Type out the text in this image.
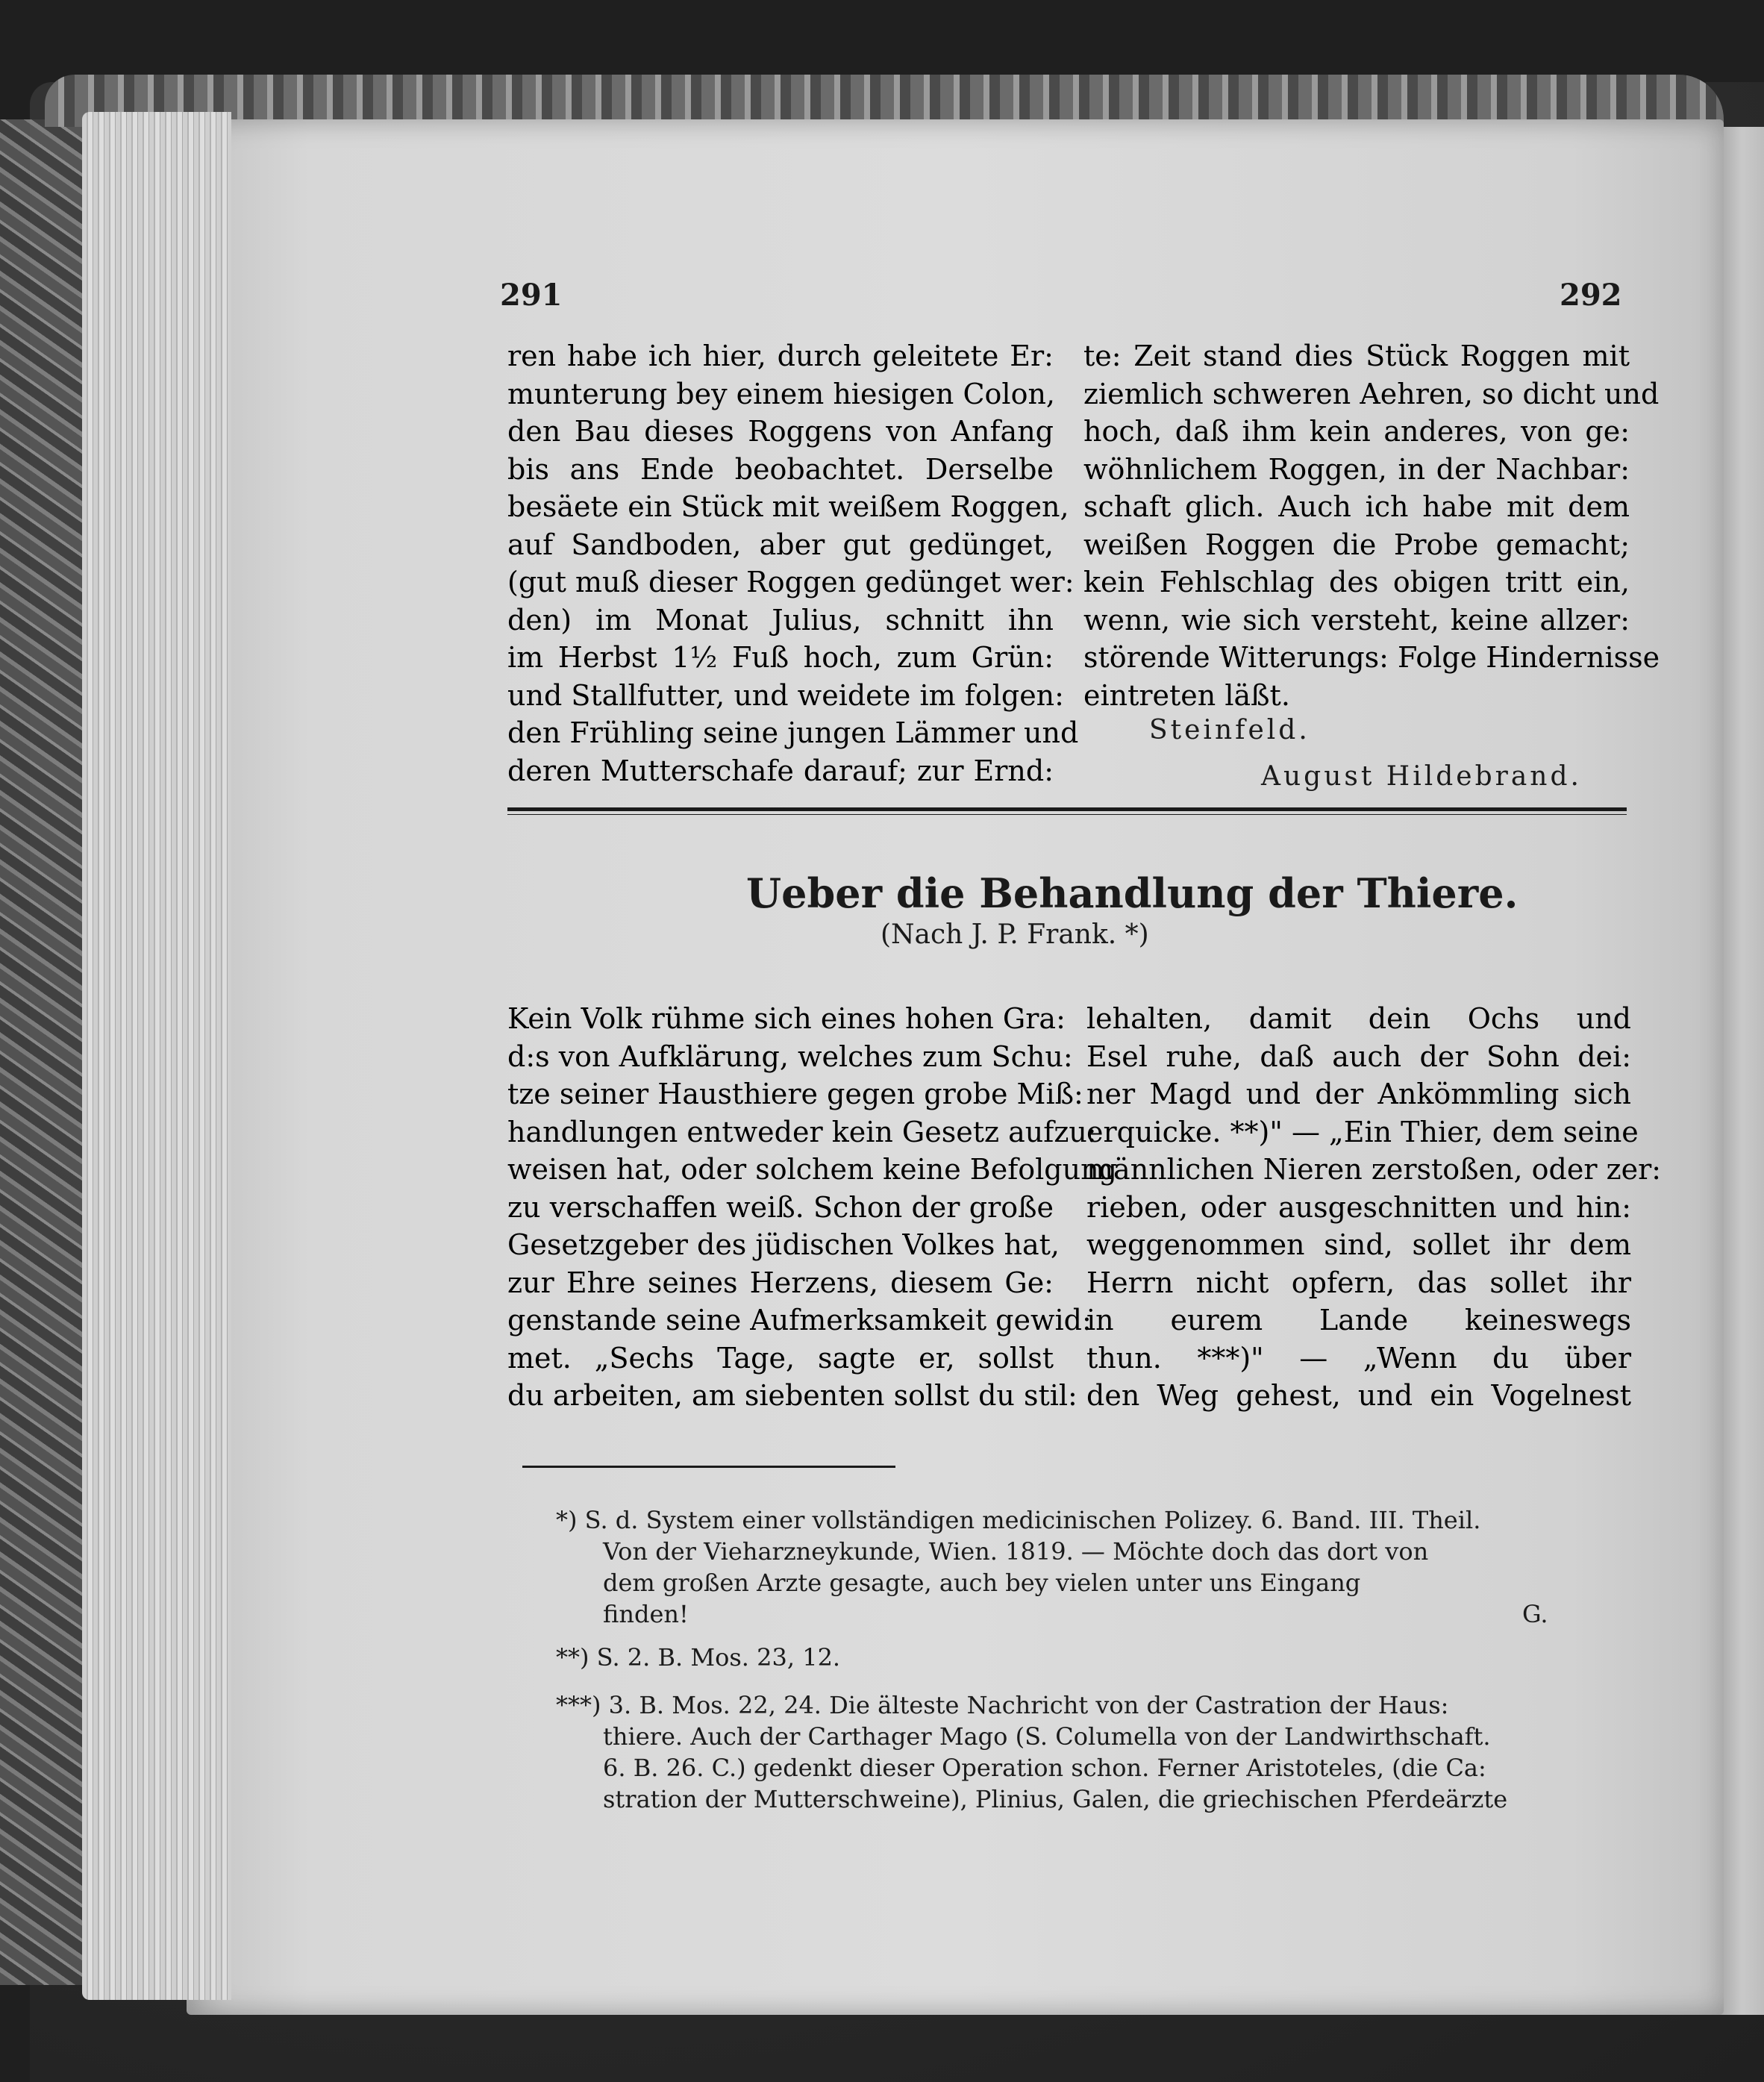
291	292
ren habe ich hier, durch geleitete Er:
munterung bey einem hiesigen Colon,
den Bau dieses Roggens von Anfang
bis ans Ende beobachtet. Derselbe
besäete ein Stück mit weißem Roggen,
auf Sandboden, aber gut gedünget,
(gut muß dieser Roggen gedünget wer:
den) im Monat Julius, schnitt ihn
im Herbst 1½ Fuß hoch, zum Grün:
und Stallfutter, und weidete im folgen:
den Frühling seine jungen Lämmer und
deren Mutterschafe darauf; zur Ernd:
te: Zeit stand dies Stück Roggen mit
ziemlich schweren Aehren, so dicht und
hoch, daß ihm kein anderes, von ge:
wöhnlichem Roggen, in der Nachbar:
schaft glich. Auch ich habe mit dem
weißen Roggen die Probe gemacht;
kein Fehlschlag des obigen tritt ein,
wenn, wie sich versteht, keine allzer:
störende Witterungs: Folge Hindernisse
eintreten läßt.
Steinfeld.
August Hildebrand.
Ueber die Behandlung der Thiere.
(Nach J. P. Frank. *)
Kein Volk rühme sich eines hohen Gra:
d:s von Aufklärung, welches zum Schu:
tze seiner Hausthiere gegen grobe Miß:
handlungen entweder kein Gesetz aufzu:
weisen hat, oder solchem keine Befolgung
zu verschaffen weiß. Schon der große
Gesetzgeber des jüdischen Volkes hat,
zur Ehre seines Herzens, diesem Ge:
genstande seine Aufmerksamkeit gewid:
met. „Sechs Tage, sagte er, sollst
du arbeiten, am siebenten sollst du stil:
lehalten, damit dein Ochs und
Esel ruhe, daß auch der Sohn dei:
ner Magd und der Ankömmling sich
erquicke. **)" — „Ein Thier, dem seine
männlichen Nieren zerstoßen, oder zer:
rieben, oder ausgeschnitten und hin:
weggenommen sind, sollet ihr dem
Herrn nicht opfern, das sollet ihr
in eurem Lande keineswegs
thun. ***)" — „Wenn du über
den Weg gehest, und ein Vogelnest
*) S. d. System einer vollständigen medicinischen Polizey. 6. Band. III. Theil.
Von der Vieharzneykunde, Wien. 1819. — Möchte doch das dort von
dem großen Arzte gesagte, auch bey vielen unter uns Eingang
finden!	G.
**) S. 2. B. Mos. 23, 12.
***) 3. B. Mos. 22, 24. Die älteste Nachricht von der Castration der Haus:
thiere. Auch der Carthager Mago (S. Columella von der Landwirthschaft.
6. B. 26. C.) gedenkt dieser Operation schon. Ferner Aristoteles, (die Ca:
stration der Mutterschweine), Plinius, Galen, die griechischen Pferdeärzte
